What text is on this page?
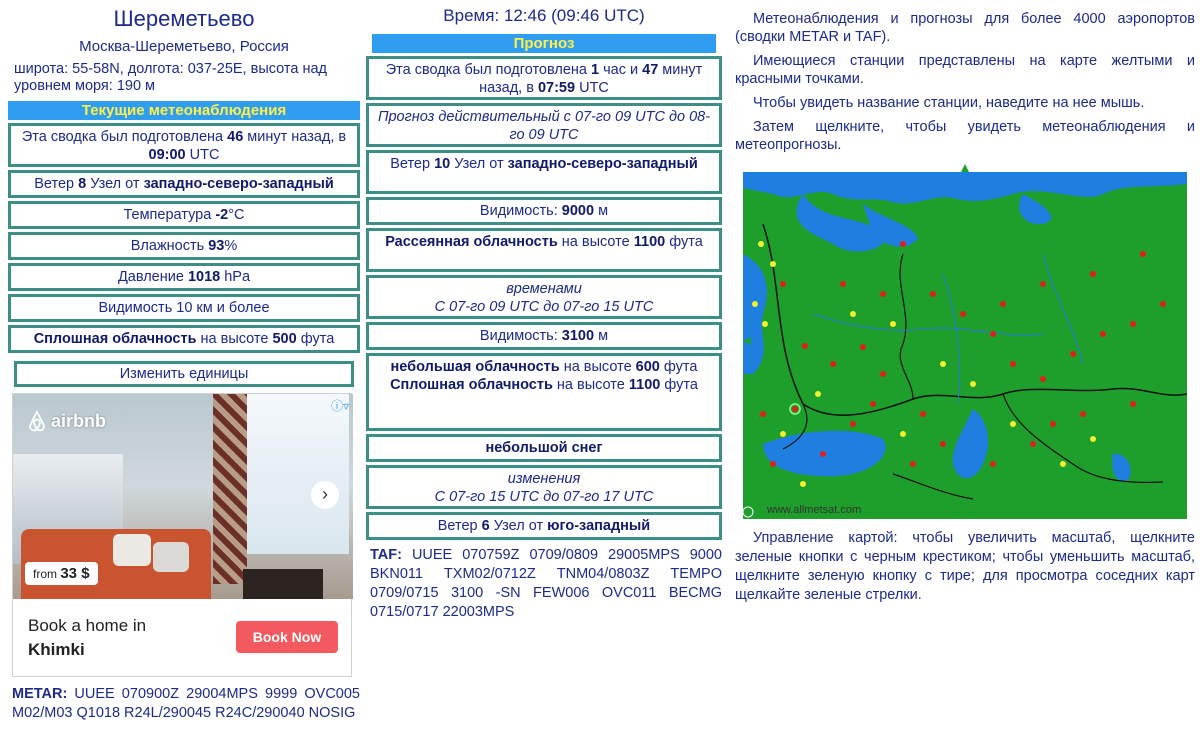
Шереметьево
Москва-Шереметьево, Россия
широта: 55-58N, долгота: 037-25E, высота над уровнем моря: 190 м
Текущие метеонаблюдения
Эта сводка был подготовлена 46 минут назад, в 09:00 UTC
Ветер 8 Узел от западно-северо-западный
Температура -2°C
Влажность 93%
Давление 1018 hPa
Видимость 10 км и более
Сплошная облачность на высоте 500 фута
Изменить единицы
airbnb
ⓘ▿
›
from 33 $
Book a home in
Khimki
Book Now
METAR: UUEE 070900Z 29004MPS 9999 OVC005 M02/M03 Q1018 R24L/290045 R24C/290040 NOSIG
Время: 12:46 (09:46 UTC)
Прогноз
Эта сводка был подготовлена 1 час и 47 минут назад, в 07:59 UTC
Прогноз действительный с 07-го 09 UTC до 08-го 09 UTC
Ветер 10 Узел от западно-северо-западный
Видимость: 9000 м
Рассеянная облачность на высоте 1100 фута
временами
С 07-го 09 UTC до 07-го 15 UTC
Видимость: 3100 м
небольшая облачность на высоте 600 фута
Сплошная облачность на высоте 1100 фута
небольшой снег
изменения
С 07-го 15 UTC до 07-го 17 UTC
Ветер 6 Узел от юго-западный
TAF: UUEE 070759Z 0709/0809 29005MPS 9000 BKN011 TXM02/0712Z TNM04/0803Z TEMPO 0709/0715 3100 -SN FEW006 OVC011 BECMG 0715/0717 22003MPS

Метеонаблюдения и прогнозы для более 4000 аэропортов (сводки METAR и TAF).

Имеющиеся станции представлены на карте желтыми и красными точками.

Чтобы увидеть название станции, наведите на нее мышь.

Затем щелкните, чтобы увидеть метеонаблюдения и метеопрогнозы.

www.allmetsat.com
Управление картой: чтобы увеличить масштаб, щелкните зеленые кнопки с черным крестиком; чтобы уменьшить масштаб, щелкните зеленую кнопку с тире; для просмотра соседних карт щелкайте зеленые стрелки.
